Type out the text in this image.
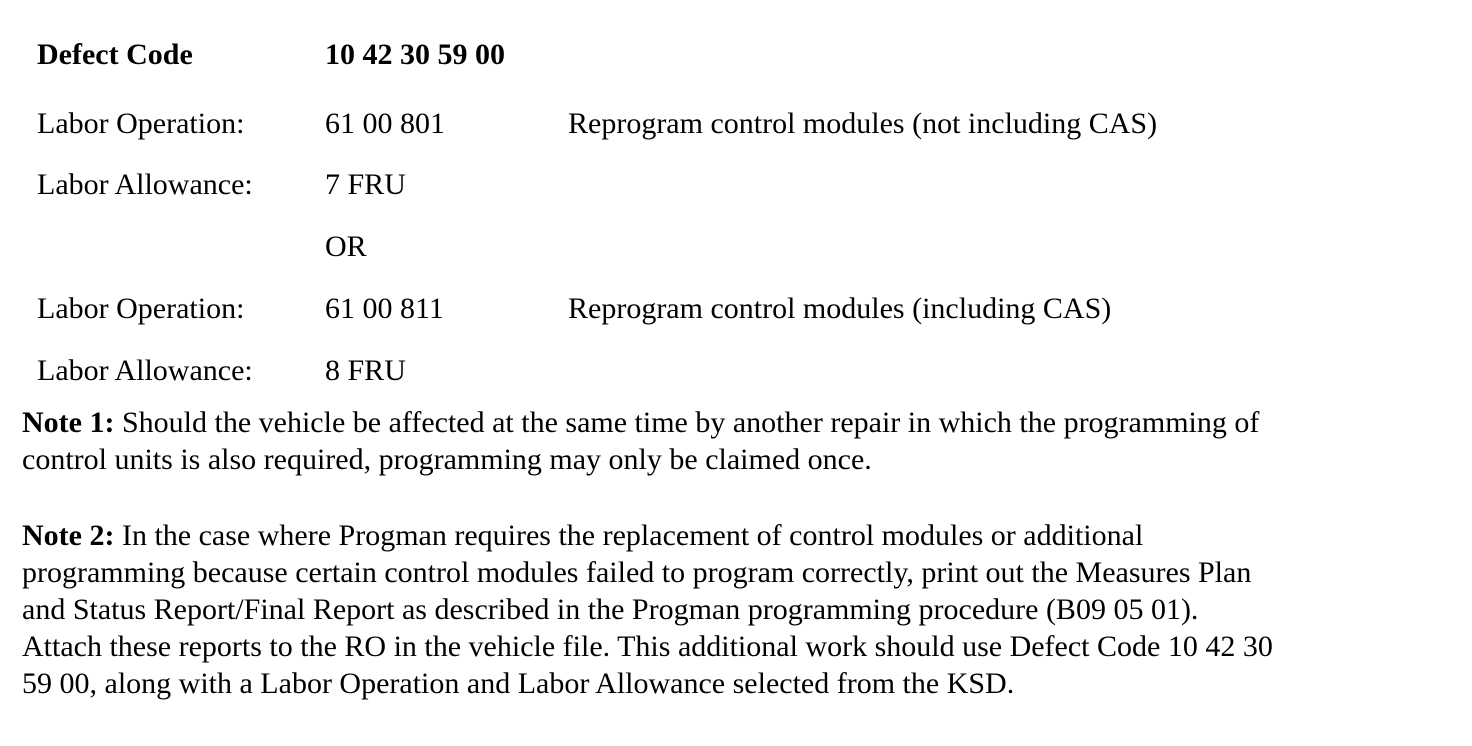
Defect Code	10 42 30 59 00
Labor Operation:	61 00 801	Reprogram control modules (not including CAS)
Labor Allowance: 7 FRU
OR
Labor Operation:	61 00 811	Reprogram control modules (including CAS)
Labor Allowance: 8 FRU
Note 1: Should the vehicle be affected at the same time by another repair in which the programming of
control units is also required, programming may only be claimed once.
Note 2: In the case where Progman requires the replacement of control modules or additional
programming because certain control modules failed to program correctly, print out the Measures Plan
and Status Report/Final Report as described in the Progman programming procedure (B09 05 01).
Attach these reports to the RO in the vehicle file. This additional work should use Defect Code 10 42 30
59 00, along with a Labor Operation and Labor Allowance selected from the KSD.
